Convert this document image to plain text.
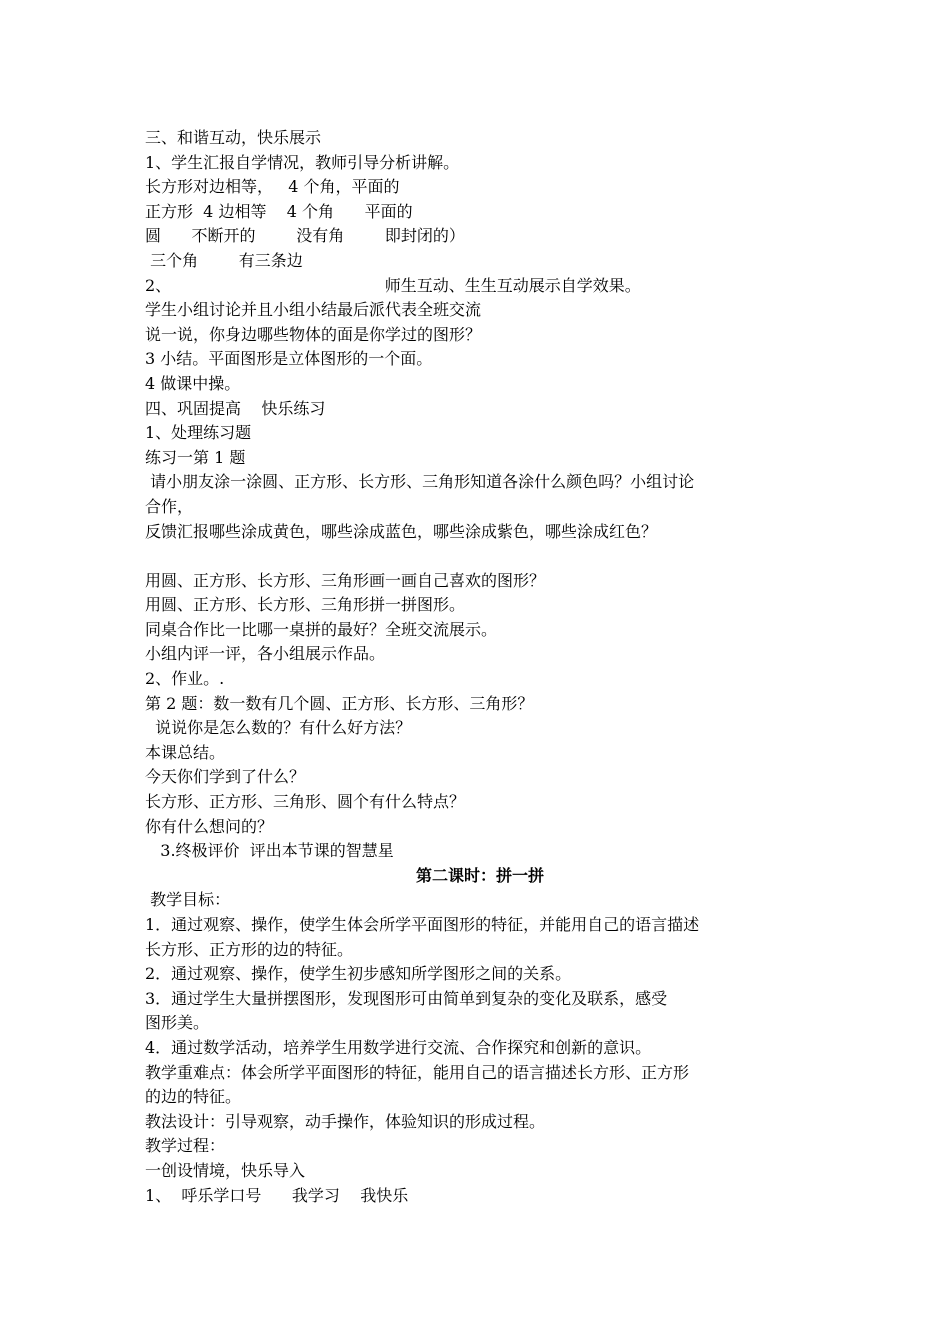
三、和谐互动，快乐展示
1、学生汇报自学情况，教师引导分析讲解。
长方形对边相等，   4 个角，平面的
正方形  4 边相等    4 个角      平面的
圆      不断开的        没有角        即封闭的）
三个角        有三条边
2、                                          师生互动、生生互动展示自学效果。
学生小组讨论并且小组小结最后派代表全班交流
说一说，你身边哪些物体的面是你学过的图形？
3 小结。平面图形是立体图形的一个面。
4 做课中操。
四、巩固提高    快乐练习
1、处理练习题
练习一第 1 题
请小朋友涂一涂圆、正方形、长方形、三角形知道各涂什么颜色吗？小组讨论
合作，
反馈汇报哪些涂成黄色，哪些涂成蓝色，哪些涂成紫色，哪些涂成红色？
用圆、正方形、长方形、三角形画一画自己喜欢的图形？
用圆、正方形、长方形、三角形拼一拼图形。
同桌合作比一比哪一桌拼的最好？全班交流展示。
小组内评一评，各小组展示作品。
2、作业。.
第 2 题：数一数有几个圆、正方形、长方形、三角形？
说说你是怎么数的？有什么好方法？
本课总结。
今天你们学到了什么？
长方形、正方形、三角形、圆个有什么特点？
你有什么想问的？
3.终极评价  评出本节课的智慧星
第二课时：拼一拼
教学目标：
1．通过观察、操作，使学生体会所学平面图形的特征，并能用自己的语言描述
长方形、正方形的边的特征。
2．通过观察、操作，使学生初步感知所学图形之间的关系。
3．通过学生大量拼摆图形，发现图形可由简单到复杂的变化及联系，感受
图形美。
4．通过数学活动，培养学生用数学进行交流、合作探究和创新的意识。
教学重难点：体会所学平面图形的特征，能用自己的语言描述长方形、正方形
的边的特征。
教法设计：引导观察，动手操作，体验知识的形成过程。
教学过程：
一创设情境，快乐导入
1、  呼乐学口号      我学习    我快乐
